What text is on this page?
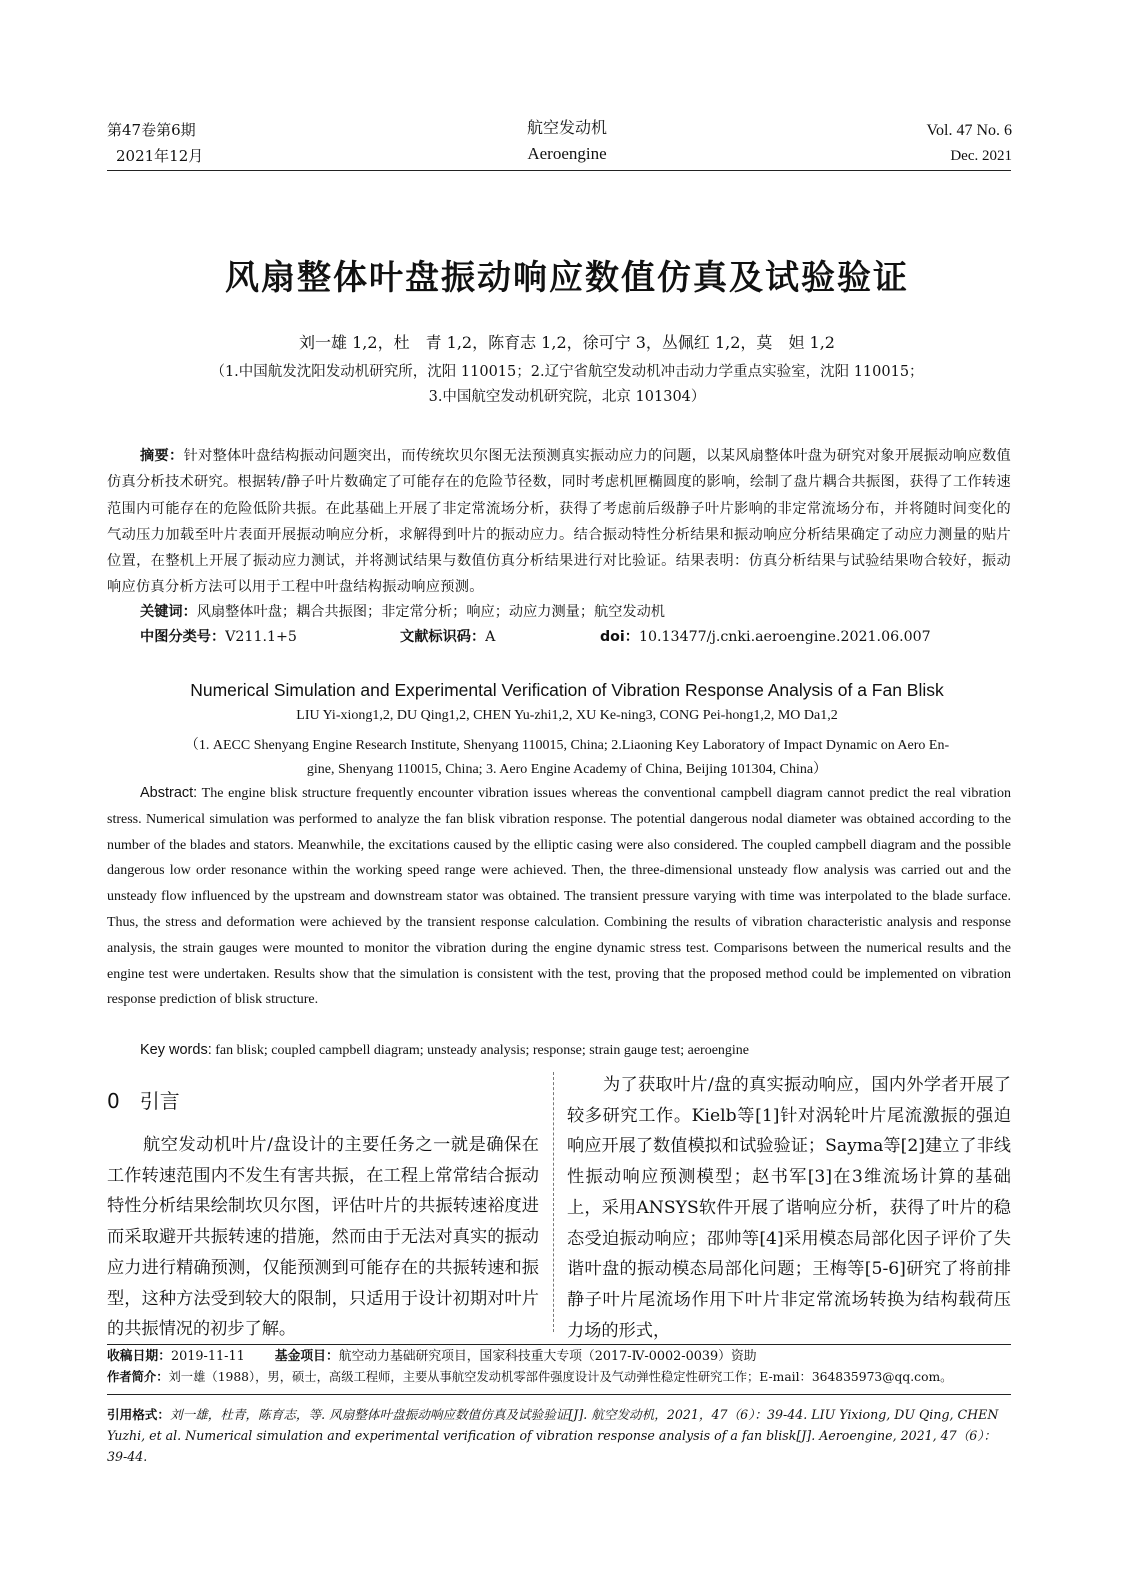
第47卷第6期
2021年12月
航空发动机
Aeroengine
Vol. 47 No. 6
Dec. 2021
风扇整体叶盘振动响应数值仿真及试验验证
刘一雄 1,2，杜　青 1,2，陈育志 1,2，徐可宁 3，丛佩红 1,2，莫　妲 1,2
（1.中国航发沈阳发动机研究所，沈阳 110015；2.辽宁省航空发动机冲击动力学重点实验室，沈阳 110015；
3.中国航空发动机研究院，北京 101304）
摘要：针对整体叶盘结构振动问题突出，而传统坎贝尔图无法预测真实振动应力的问题，以某风扇整体叶盘为研究对象开展振动响应数值仿真分析技术研究。根据转/静子叶片数确定了可能存在的危险节径数，同时考虑机匣椭圆度的影响，绘制了盘片耦合共振图，获得了工作转速范围内可能存在的危险低阶共振。在此基础上开展了非定常流场分析，获得了考虑前后级静子叶片影响的非定常流场分布，并将随时间变化的气动压力加载至叶片表面开展振动响应分析，求解得到叶片的振动应力。结合振动特性分析结果和振动响应分析结果确定了动应力测量的贴片位置，在整机上开展了振动应力测试，并将测试结果与数值仿真分析结果进行对比验证。结果表明：仿真分析结果与试验结果吻合较好，振动响应仿真分析方法可以用于工程中叶盘结构振动响应预测。
关键词：风扇整体叶盘；耦合共振图；非定常分析；响应；动应力测量；航空发动机
中图分类号：V211.1+5	文献标识码：A	doi：10.13477/j.cnki.aeroengine.2021.06.007
Numerical Simulation and Experimental Verification of Vibration Response Analysis of a Fan Blisk
LIU Yi-xiong1,2, DU Qing1,2, CHEN Yu-zhi1,2, XU Ke-ning3, CONG Pei-hong1,2, MO Da1,2
（1. AECC Shenyang Engine Research Institute, Shenyang 110015, China; 2.Liaoning Key Laboratory of Impact Dynamic on Aero En-
gine, Shenyang 110015, China; 3. Aero Engine Academy of China, Beijing 101304, China）
Abstract: The engine blisk structure frequently encounter vibration issues whereas the conventional campbell diagram cannot predict the real vibration stress. Numerical simulation was performed to analyze the fan blisk vibration response. The potential dangerous nodal diameter was obtained according to the number of the blades and stators. Meanwhile, the excitations caused by the elliptic casing were also considered. The coupled campbell diagram and the possible dangerous low order resonance within the working speed range were achieved. Then, the three-dimensional unsteady flow analysis was carried out and the unsteady flow influenced by the upstream and downstream stator was obtained. The transient pressure varying with time was interpolated to the blade surface. Thus, the stress and deformation were achieved by the transient response calculation. Combining the results of vibration characteristic analysis and response analysis, the strain gauges were mounted to monitor the vibration during the engine dynamic stress test. Comparisons between the numerical results and the engine test were undertaken. Results show that the simulation is consistent with the test, proving that the proposed method could be implemented on vibration response prediction of blisk structure.
Key words: fan blisk; coupled campbell diagram; unsteady analysis; response; strain gauge test; aeroengine
0　引言
航空发动机叶片/盘设计的主要任务之一就是确保在工作转速范围内不发生有害共振，在工程上常常结合振动特性分析结果绘制坎贝尔图，评估叶片的共振转速裕度进而采取避开共振转速的措施，然而由于无法对真实的振动应力进行精确预测，仅能预测到可能存在的共振转速和振型，这种方法受到较大的限制，只适用于设计初期对叶片的共振情况的初步了解。
为了获取叶片/盘的真实振动响应，国内外学者开展了较多研究工作。Kielb等[1]针对涡轮叶片尾流激振的强迫响应开展了数值模拟和试验验证；Sayma等[2]建立了非线性振动响应预测模型；赵书军[3]在3维流场计算的基础上，采用ANSYS软件开展了谐响应分析，获得了叶片的稳态受迫振动响应；邵帅等[4]采用模态局部化因子评价了失谐叶盘的振动模态局部化问题；王梅等[5-6]研究了将前排静子叶片尾流场作用下叶片非定常流场转换为结构载荷压力场的形式，
收稿日期：2019-11-11 基金项目：航空动力基础研究项目，国家科技重大专项（2017-Ⅳ-0002-0039）资助
作者简介：刘一雄（1988），男，硕士，高级工程师，主要从事航空发动机零部件强度设计及气动弹性稳定性研究工作；E-mail：364835973@qq.com。
引用格式：刘一雄，杜青，陈育志，等. 风扇整体叶盘振动响应数值仿真及试验验证[J]. 航空发动机，2021，47（6）：39-44. LIU Yixiong, DU Qing, CHEN Yuzhi, et al. Numerical simulation and experimental verification of vibration response analysis of a fan blisk[J]. Aeroengine, 2021, 47（6）：39-44.
